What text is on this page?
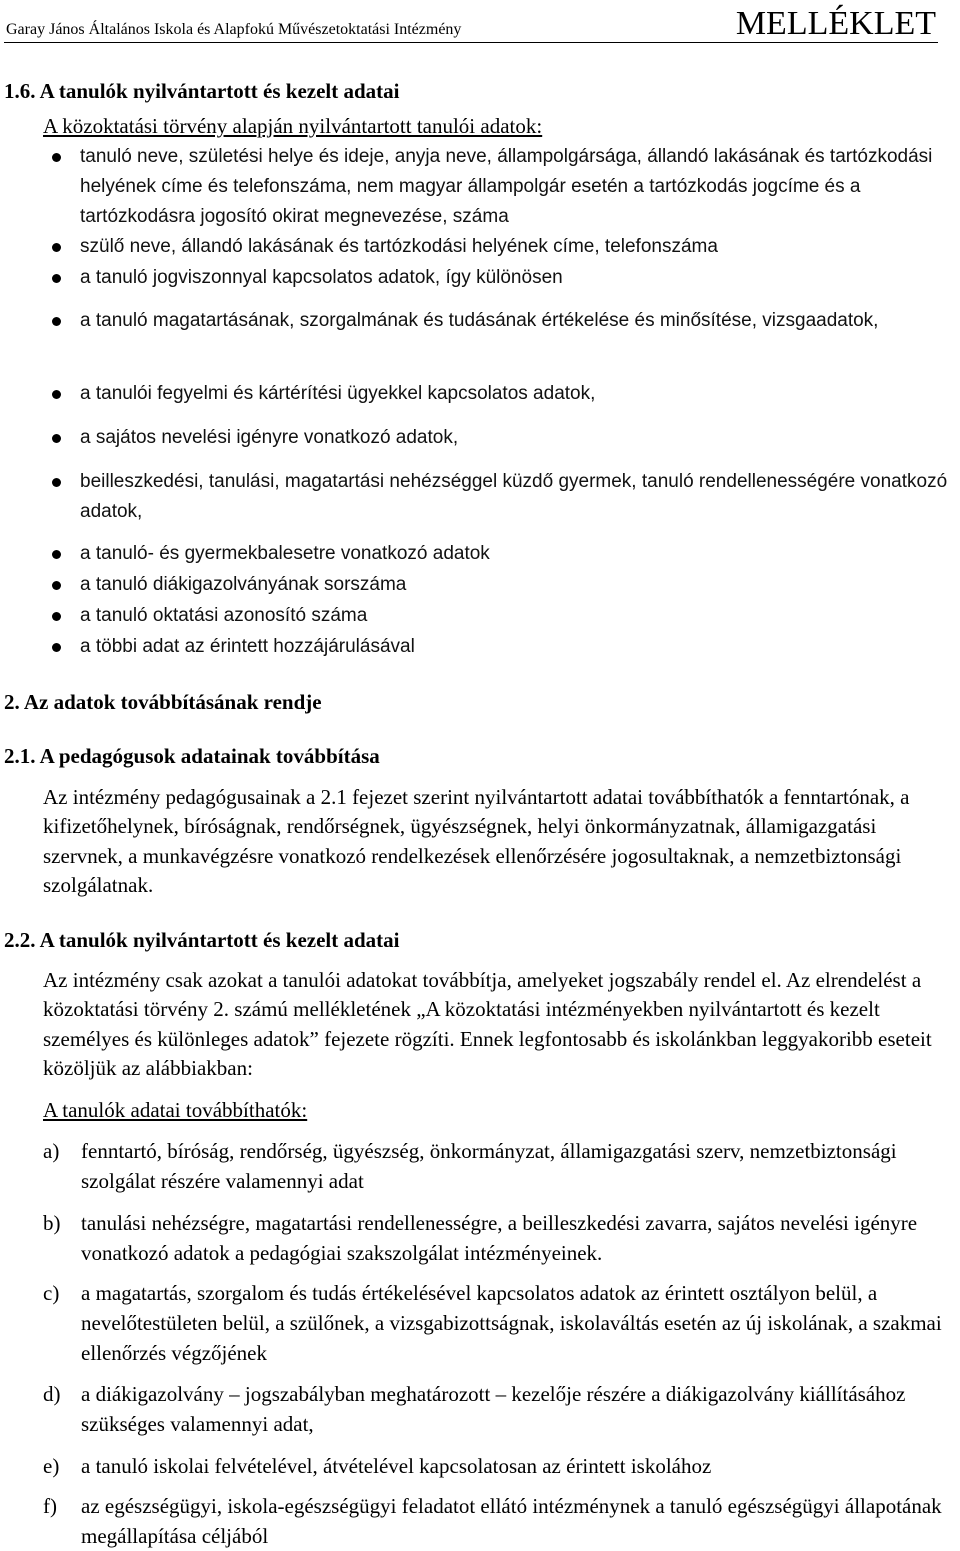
Garay János Általános Iskola és Alapfokú Művészetoktatási Intézmény	MELLÉKLET
1.6. A tanulók nyilvántartott és kezelt adatai
A közoktatási törvény alapján nyilvántartott tanulói adatok:
tanuló neve, születési helye és ideje, anyja neve, állampolgársága, állandó lakásának és tartózkodási helyének címe és telefonszáma, nem magyar állampolgár esetén a tartózkodás jogcíme és a tartózkodásra jogosító okirat megnevezése, száma
szülő neve, állandó lakásának és tartózkodási helyének címe, telefonszáma
a tanuló jogviszonnyal kapcsolatos adatok, így különösen
a tanuló magatartásának, szorgalmának és tudásának értékelése és minősítése, vizsgaadatok,
a tanulói fegyelmi és kártérítési ügyekkel kapcsolatos adatok,
a sajátos nevelési igényre vonatkozó adatok,
beilleszkedési, tanulási, magatartási nehézséggel küzdő gyermek, tanuló rendellenességére vonatkozó adatok,
a tanuló- és gyermekbalesetre vonatkozó adatok
a tanuló diákigazolványának sorszáma
a tanuló oktatási azonosító száma
a többi adat az érintett hozzájárulásával
2. Az adatok továbbításának rendje
2.1. A pedagógusok adatainak továbbítása
Az intézmény pedagógusainak a 2.1 fejezet szerint nyilvántartott adatai továbbíthatók a fenntartónak, a kifizetőhelynek, bíróságnak, rendőrségnek, ügyészségnek, helyi önkormányzatnak, államigazgatási szervnek, a munkavégzésre vonatkozó rendelkezések ellenőrzésére jogosultaknak, a nemzetbiztonsági szolgálatnak.
2.2. A tanulók nyilvántartott és kezelt adatai
Az intézmény csak azokat a tanulói adatokat továbbítja, amelyeket jogszabály rendel el. Az elrendelést a közoktatási törvény 2. számú mellékletének „A közoktatási intézményekben nyilvántartott és kezelt személyes és különleges adatok” fejezete rögzíti. Ennek legfontosabb és iskolánkban leggyakoribb eseteit közöljük az alábbiakban:
A tanulók adatai továbbíthatók:
a)	fenntartó, bíróság, rendőrség, ügyészség, önkormányzat, államigazgatási szerv, nemzetbiztonsági szolgálat részére valamennyi adat
b) tanulási nehézségre, magatartási rendellenességre, a beilleszkedési zavarra, sajátos nevelési igényre vonatkozó adatok a pedagógiai szakszolgálat intézményeinek.
c)	a magatartás, szorgalom és tudás értékelésével kapcsolatos adatok az érintett osztályon belül, a nevelőtestületen belül, a szülőnek, a vizsgabizottságnak, iskolaváltás esetén az új iskolának, a szakmai ellenőrzés végzőjének
d) a diákigazolvány – jogszabályban meghatározott – kezelője részére a diákigazolvány kiállításához szükséges valamennyi adat,
e)	a tanuló iskolai felvételével, átvételével kapcsolatosan az érintett iskolához
f)	az egészségügyi, iskola-egészségügyi feladatot ellátó intézménynek a tanuló egészségügyi állapotának megállapítása céljából
